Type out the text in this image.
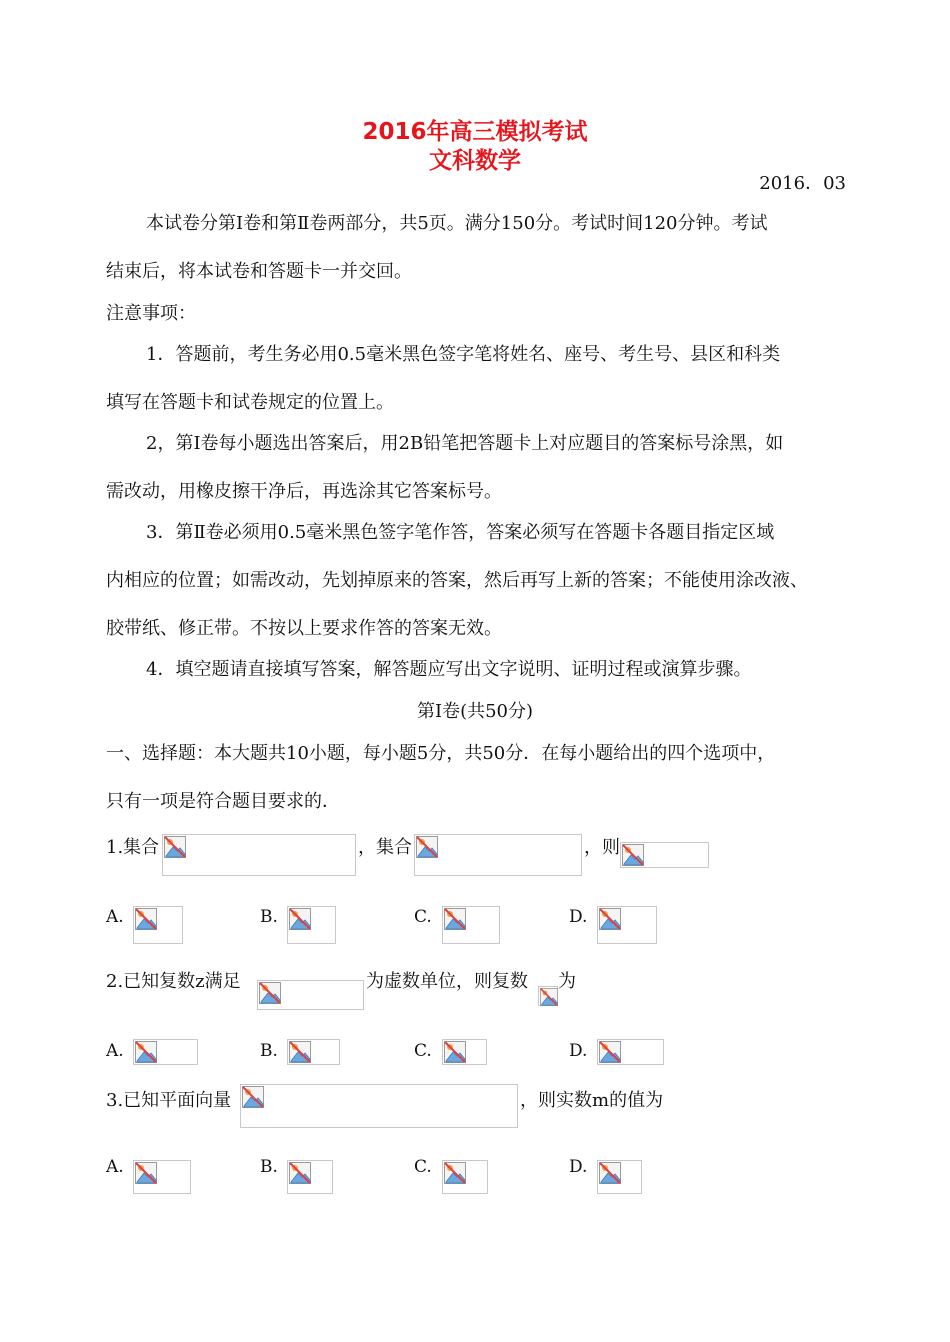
2016年高三模拟考试
文科数学
2016．03
本试卷分第Ⅰ卷和第Ⅱ卷两部分，共5页。满分150分。考试时间120分钟。考试
结束后，将本试卷和答题卡一并交回。
注意事项：
1．答题前，考生务必用0.5毫米黑色签字笔将姓名、座号、考生号、县区和科类
填写在答题卡和试卷规定的位置上。
2，第Ⅰ卷每小题选出答案后，用2B铅笔把答题卡上对应题目的答案标号涂黑，如
需改动，用橡皮擦干净后，再选涂其它答案标号。
3．第Ⅱ卷必须用0.5毫米黑色签字笔作答，答案必须写在答题卡各题目指定区域
内相应的位置；如需改动，先划掉原来的答案，然后再写上新的答案；不能使用涂改液、
胶带纸、修正带。不按以上要求作答的答案无效。
4．填空题请直接填写答案，解答题应写出文字说明、证明过程或演算步骤。
第Ⅰ卷(共50分)
一、选择题：本大题共10小题，每小题5分，共50分．在每小题给出的四个选项中，
只有一项是符合题目要求的．
1.集合	，集合	，则
A.	B.	C.	D.
2.已知复数z满足	为虚数单位，则复数 为
A.	B.	C.	D.
3.已知平面向量	，则实数m的值为
A.	B.	C.	D.
